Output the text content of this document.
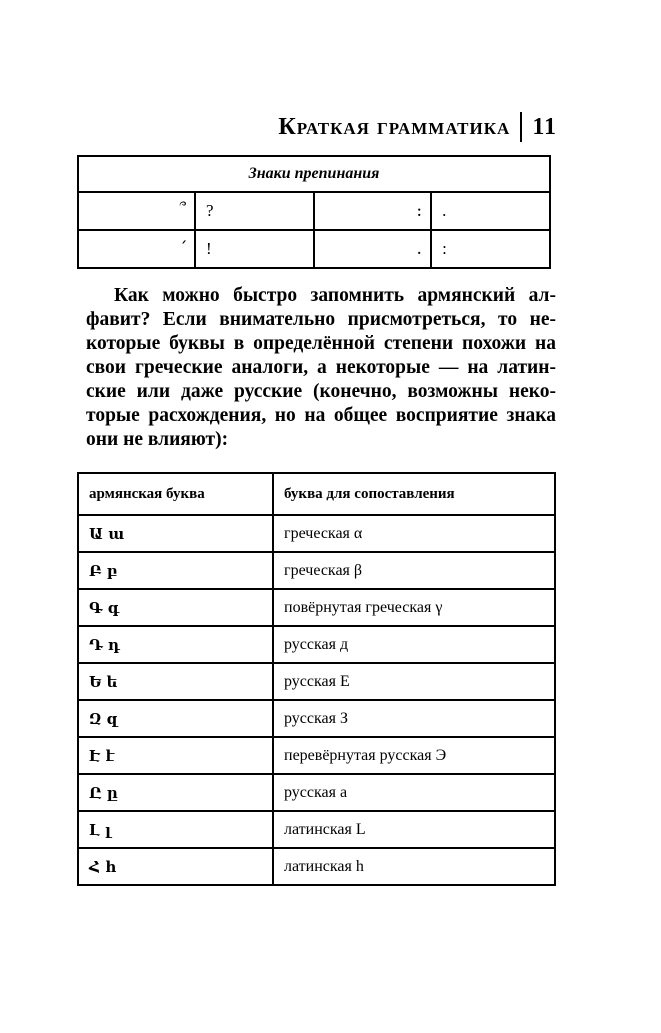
Краткая грамматика 11
Знаки препинания			
՞	?	։	.
՛	!	․	:
Как можно быстро запомнить армянский ал-
фавит? Если внимательно присмотреться, то не-
которые буквы в определённой степени похожи на
свои греческие аналоги, а некоторые — на латин-
ские или даже русские (конечно, возможны неко-
торые расхождения, но на общее восприятие знака
они не влияют):
армянская буква	буква для сопоставления
Ա ա	греческая α
Բ բ	греческая β
Գ գ	повёрнутая греческая γ
Դ դ	русская д
Ե ե	русская Е
Զ զ	русская З
Է է	перевёрнутая русская Э
Ը ը	русская а
Լ լ	латинская L
Հ հ	латинская h
